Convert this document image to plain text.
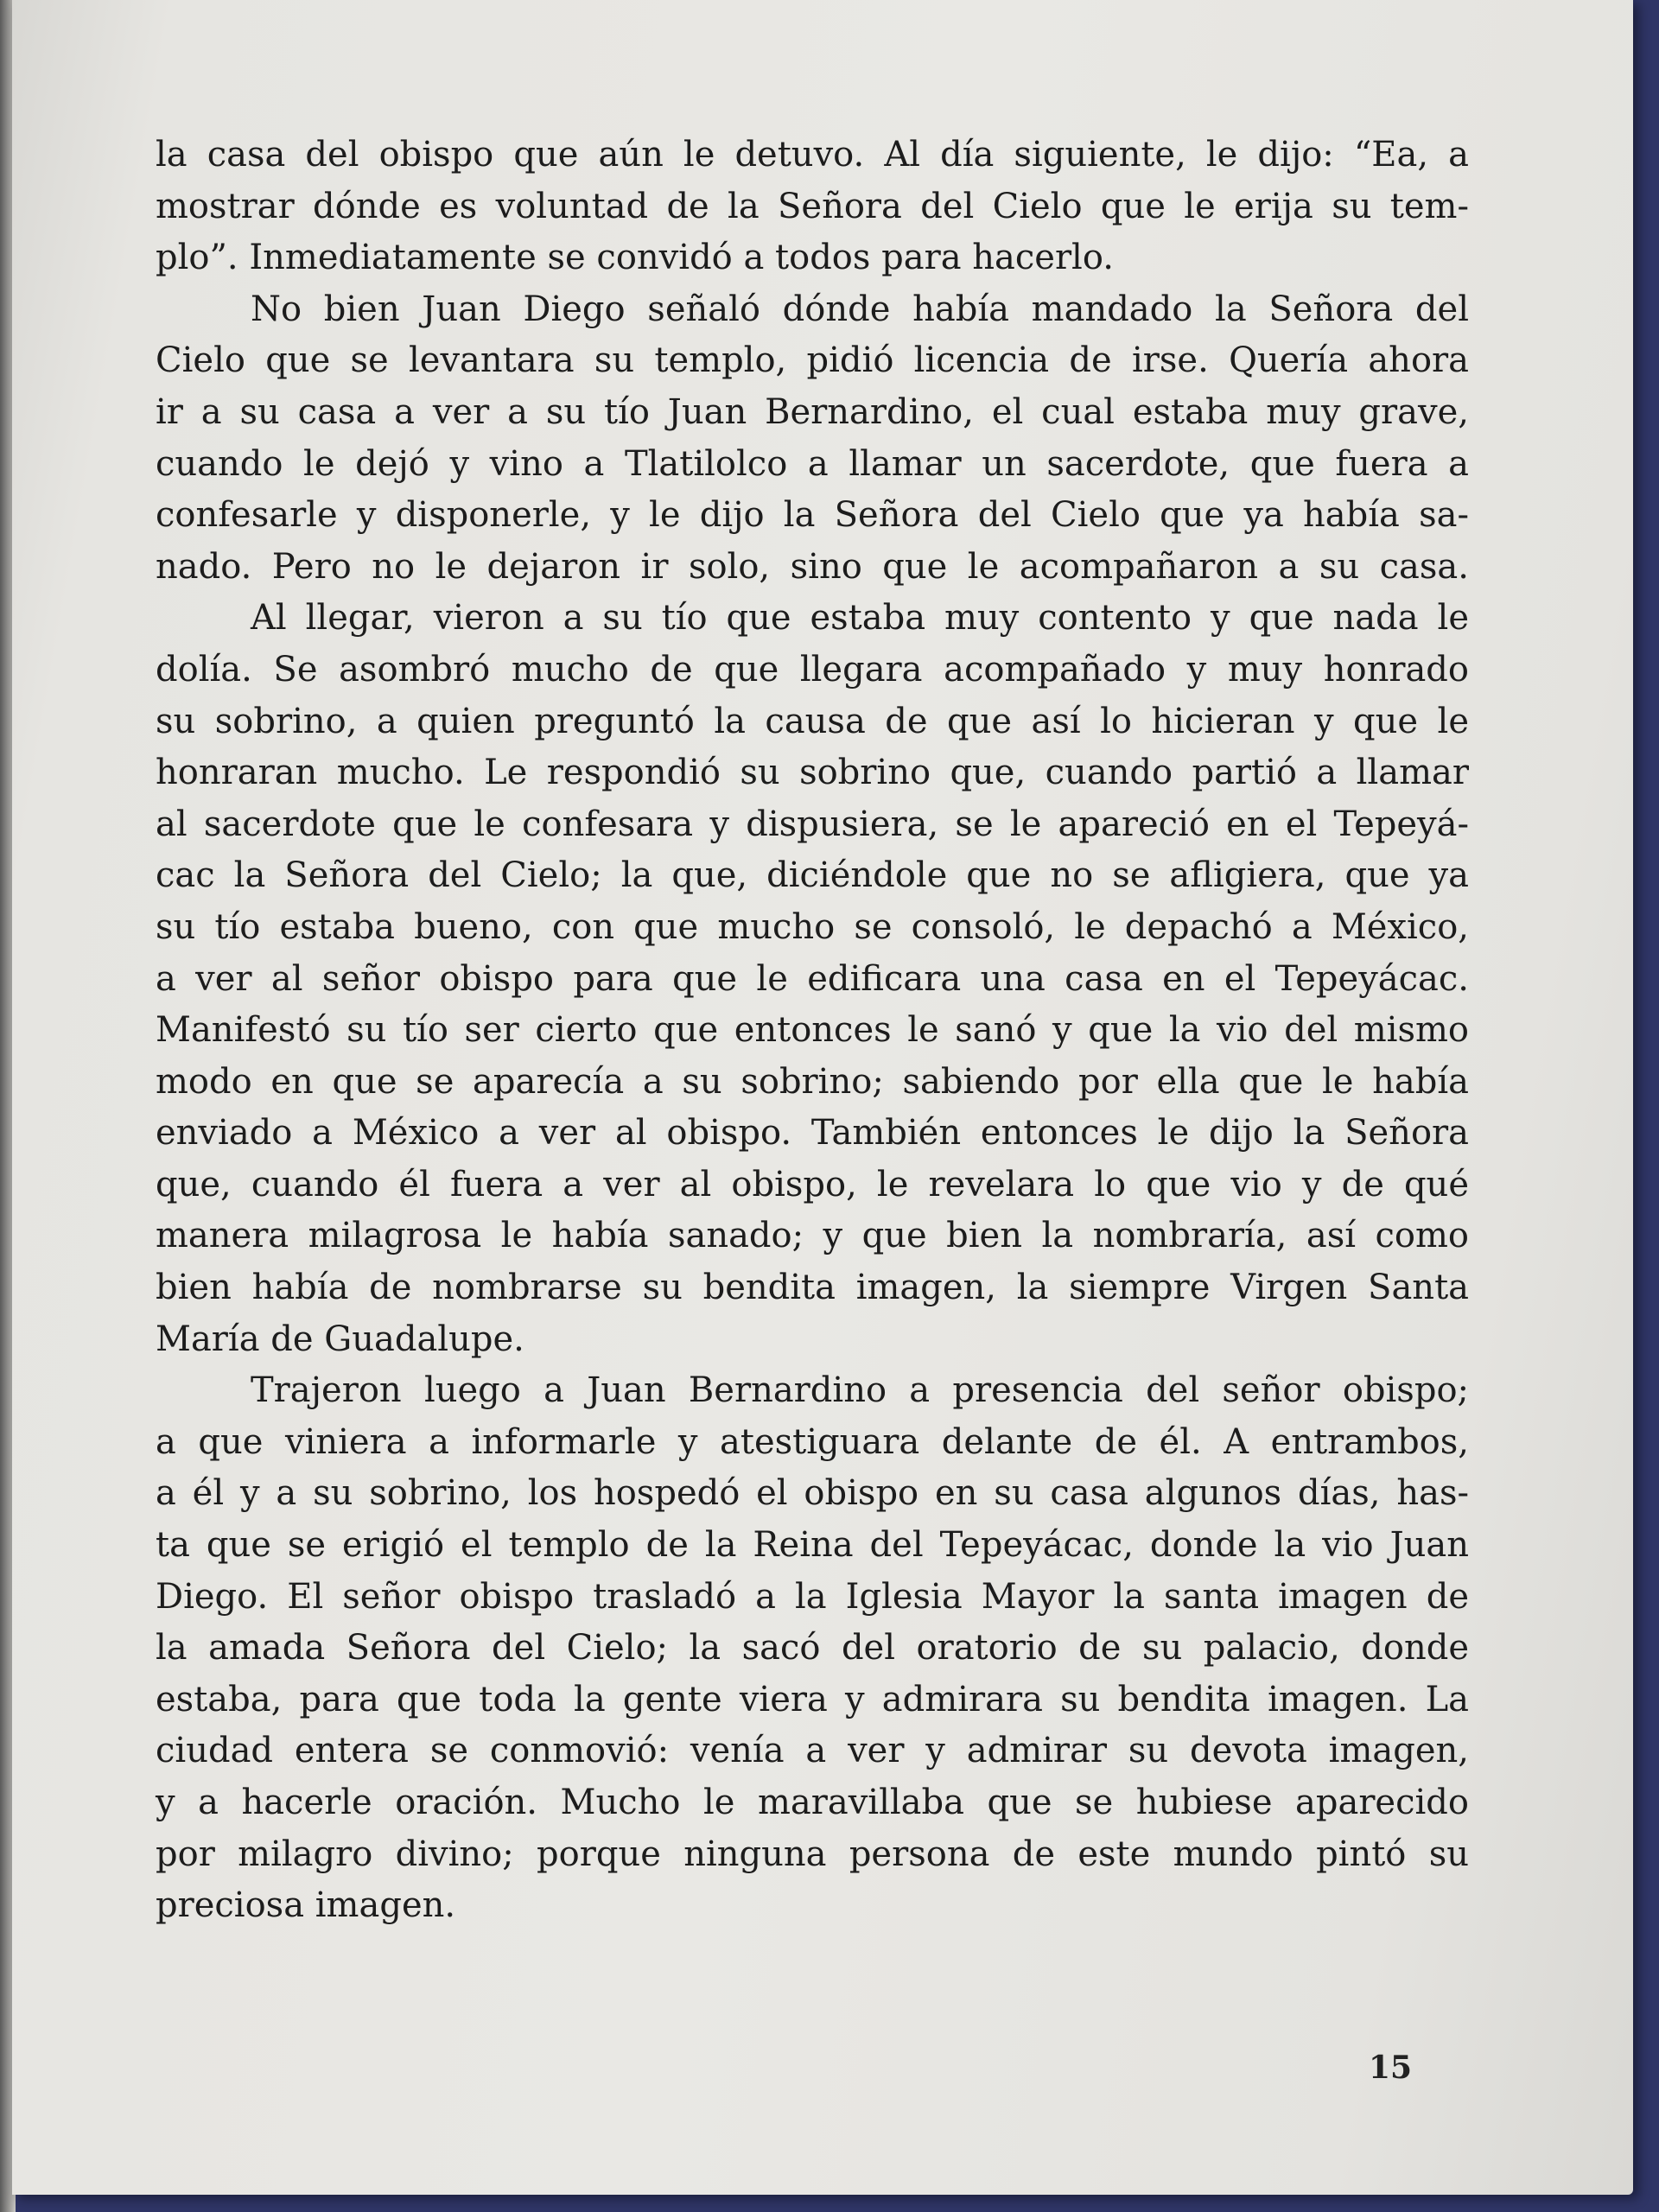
la casa del obispo que aún le detuvo. Al día siguiente, le dijo: “Ea, a
mostrar dónde es voluntad de la Señora del Cielo que le erija su tem-
plo”. Inmediatamente se convidó a todos para hacerlo.
No bien Juan Diego señaló dónde había mandado la Señora del
Cielo que se levantara su templo, pidió licencia de irse. Quería ahora
ir a su casa a ver a su tío Juan Bernardino, el cual estaba muy grave,
cuando le dejó y vino a Tlatilolco a llamar un sacerdote, que fuera a
confesarle y disponerle, y le dijo la Señora del Cielo que ya había sa-
nado. Pero no le dejaron ir solo, sino que le acompañaron a su casa.
Al llegar, vieron a su tío que estaba muy contento y que nada le
dolía. Se asombró mucho de que llegara acompañado y muy honrado
su sobrino, a quien preguntó la causa de que así lo hicieran y que le
honraran mucho. Le respondió su sobrino que, cuando partió a llamar
al sacerdote que le confesara y dispusiera, se le apareció en el Tepeyá-
cac la Señora del Cielo; la que, diciéndole que no se afligiera, que ya
su tío estaba bueno, con que mucho se consoló, le depachó a México,
a ver al señor obispo para que le edificara una casa en el Tepeyácac.
Manifestó su tío ser cierto que entonces le sanó y que la vio del mismo
modo en que se aparecía a su sobrino; sabiendo por ella que le había
enviado a México a ver al obispo. También entonces le dijo la Señora
que, cuando él fuera a ver al obispo, le revelara lo que vio y de qué
manera milagrosa le había sanado; y que bien la nombraría, así como
bien había de nombrarse su bendita imagen, la siempre Virgen Santa
María de Guadalupe.
Trajeron luego a Juan Bernardino a presencia del señor obispo;
a que viniera a informarle y atestiguara delante de él. A entrambos,
a él y a su sobrino, los hospedó el obispo en su casa algunos días, has-
ta que se erigió el templo de la Reina del Tepeyácac, donde la vio Juan
Diego. El señor obispo trasladó a la Iglesia Mayor la santa imagen de
la amada Señora del Cielo; la sacó del oratorio de su palacio, donde
estaba, para que toda la gente viera y admirara su bendita imagen. La
ciudad entera se conmovió: venía a ver y admirar su devota imagen,
y a hacerle oración. Mucho le maravillaba que se hubiese aparecido
por milagro divino; porque ninguna persona de este mundo pintó su
preciosa imagen.
15
